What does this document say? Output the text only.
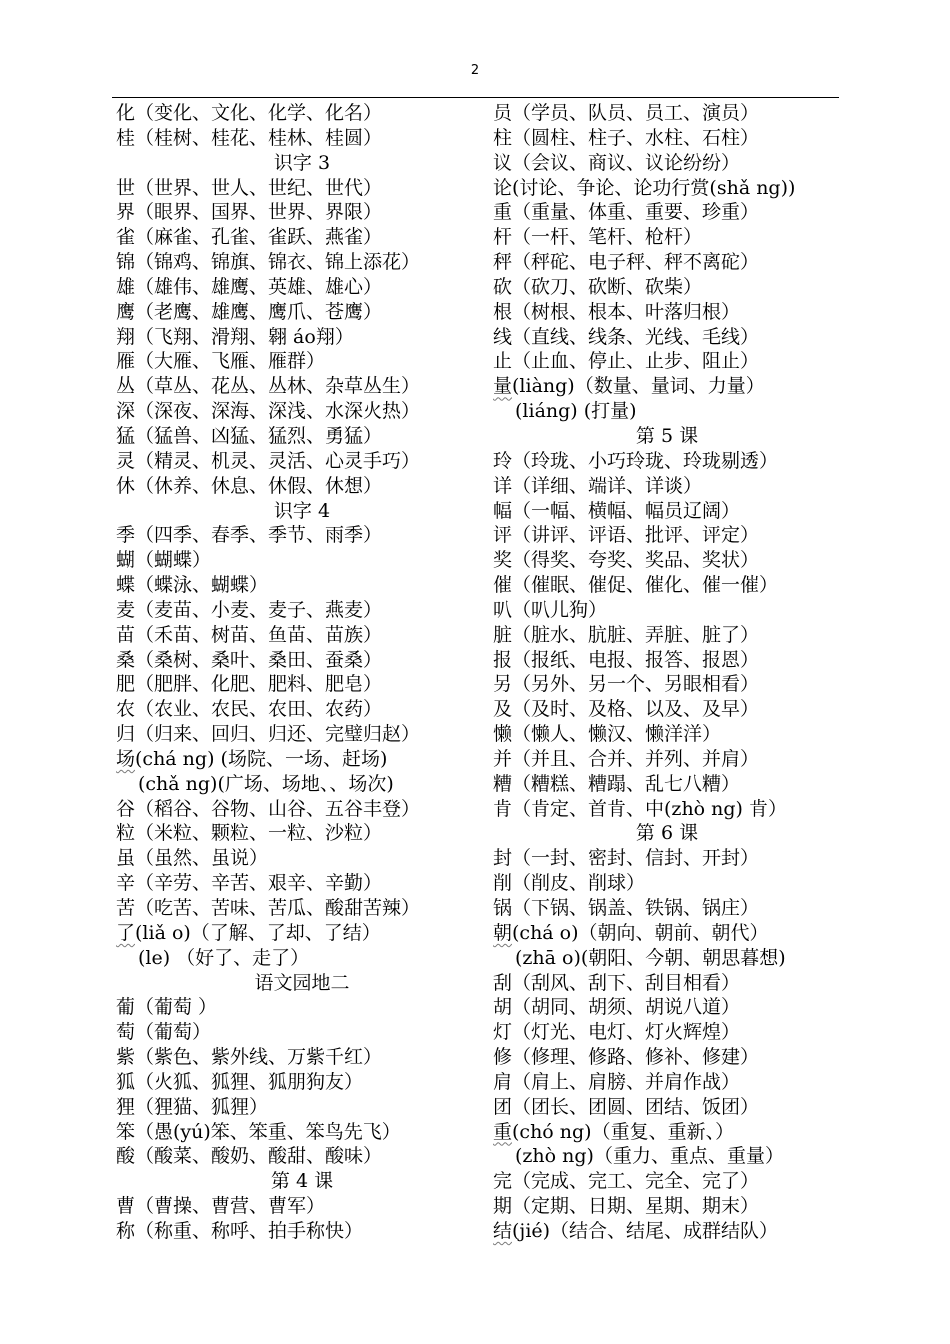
2
化（变化、文化、化学、化名）
桂（桂树、桂花、桂林、桂圆）
识字 3
世（世界、世人、世纪、世代）
界（眼界、国界、世界、界限）
雀（麻雀、孔雀、雀跃、燕雀）
锦（锦鸡、锦旗、锦衣、锦上添花）
雄（雄伟、雄鹰、英雄、雄心）
鹰（老鹰、雄鹰、鹰爪、苍鹰）
翔（飞翔、滑翔、翱 áo翔）
雁（大雁、飞雁、雁群）
丛（草丛、花丛、丛林、杂草丛生）
深（深夜、深海、深浅、水深火热）
猛（猛兽、凶猛、猛烈、勇猛）
灵（精灵、机灵、灵活、心灵手巧）
休（休养、休息、休假、休想）
识字 4
季（四季、春季、季节、雨季）
蝴（蝴蝶）
蝶（蝶泳、蝴蝶）
麦（麦苗、小麦、麦子、燕麦）
苗（禾苗、树苗、鱼苗、苗族）
桑（桑树、桑叶、桑田、蚕桑）
肥（肥胖、化肥、肥料、肥皂）
农（农业、农民、农田、农药）
归（归来、回归、归还、完璧归赵）
场(chá ng) (场院、一场、赶场)
(chǎ ng)(广场、场地、、场次)
谷（稻谷、谷物、山谷、五谷丰登）
粒（米粒、颗粒、一粒、沙粒）
虽（虽然、虽说）
辛（辛劳、辛苦、艰辛、辛勤）
苦（吃苦、苦味、苦瓜、酸甜苦辣）
了(liǎ o)（了解、了却、了结）
(le) （好了、走了）
语文园地二
葡（葡萄 ）
萄（葡萄）
紫（紫色、紫外线、万紫千红）
狐（火狐、狐狸、狐朋狗友）
狸（狸猫、狐狸）
笨（愚(yú)笨、笨重、笨鸟先飞）
酸（酸菜、酸奶、酸甜、酸味）
第 4 课
曹（曹操、曹营、曹军）
称（称重、称呼、拍手称快）
员（学员、队员、员工、演员）
柱（圆柱、柱子、水柱、石柱）
议（会议、商议、议论纷纷）
论(讨论、争论、论功行赏(shǎ ng))
重（重量、体重、重要、珍重）
杆（一杆、笔杆、枪杆）
秤（秤砣、电子秤、秤不离砣）
砍（砍刀、砍断、砍柴）
根（树根、根本、叶落归根）
线（直线、线条、光线、毛线）
止（止血、停止、止步、阻止）
量(liàng)（数量、量词、力量）
(liáng) (打量)
第 5 课
玲（玲珑、小巧玲珑、玲珑剔透）
详（详细、端详、详谈）
幅（一幅、横幅、幅员辽阔）
评（讲评、评语、批评、评定）
奖（得奖、夸奖、奖品、奖状）
催（催眠、催促、催化、催一催）
叭（叭儿狗）
脏（脏水、肮脏、弄脏、脏了）
报（报纸、电报、报答、报恩）
另（另外、另一个、另眼相看）
及（及时、及格、以及、及早）
懒（懒人、懒汉、懒洋洋）
并（并且、合并、并列、并肩）
糟（糟糕、糟蹋、乱七八糟）
肯（肯定、首肯、中(zhò ng) 肯）
第 6 课
封（一封、密封、信封、开封）
削（削皮、削球）
锅（下锅、锅盖、铁锅、锅庄）
朝(chá o)（朝向、朝前、朝代）
(zhā o)(朝阳、今朝、朝思暮想)
刮（刮风、刮下、刮目相看）
胡（胡同、胡须、胡说八道）
灯（灯光、电灯、灯火辉煌）
修（修理、修路、修补、修建）
肩（肩上、肩膀、并肩作战）
团（团长、团圆、团结、饭团）
重(chó ng)（重复、重新、）
(zhò ng)（重力、重点、重量）
完（完成、完工、完全、完了）
期（定期、日期、星期、期末）
结(jié)（结合、结尾、成群结队）
